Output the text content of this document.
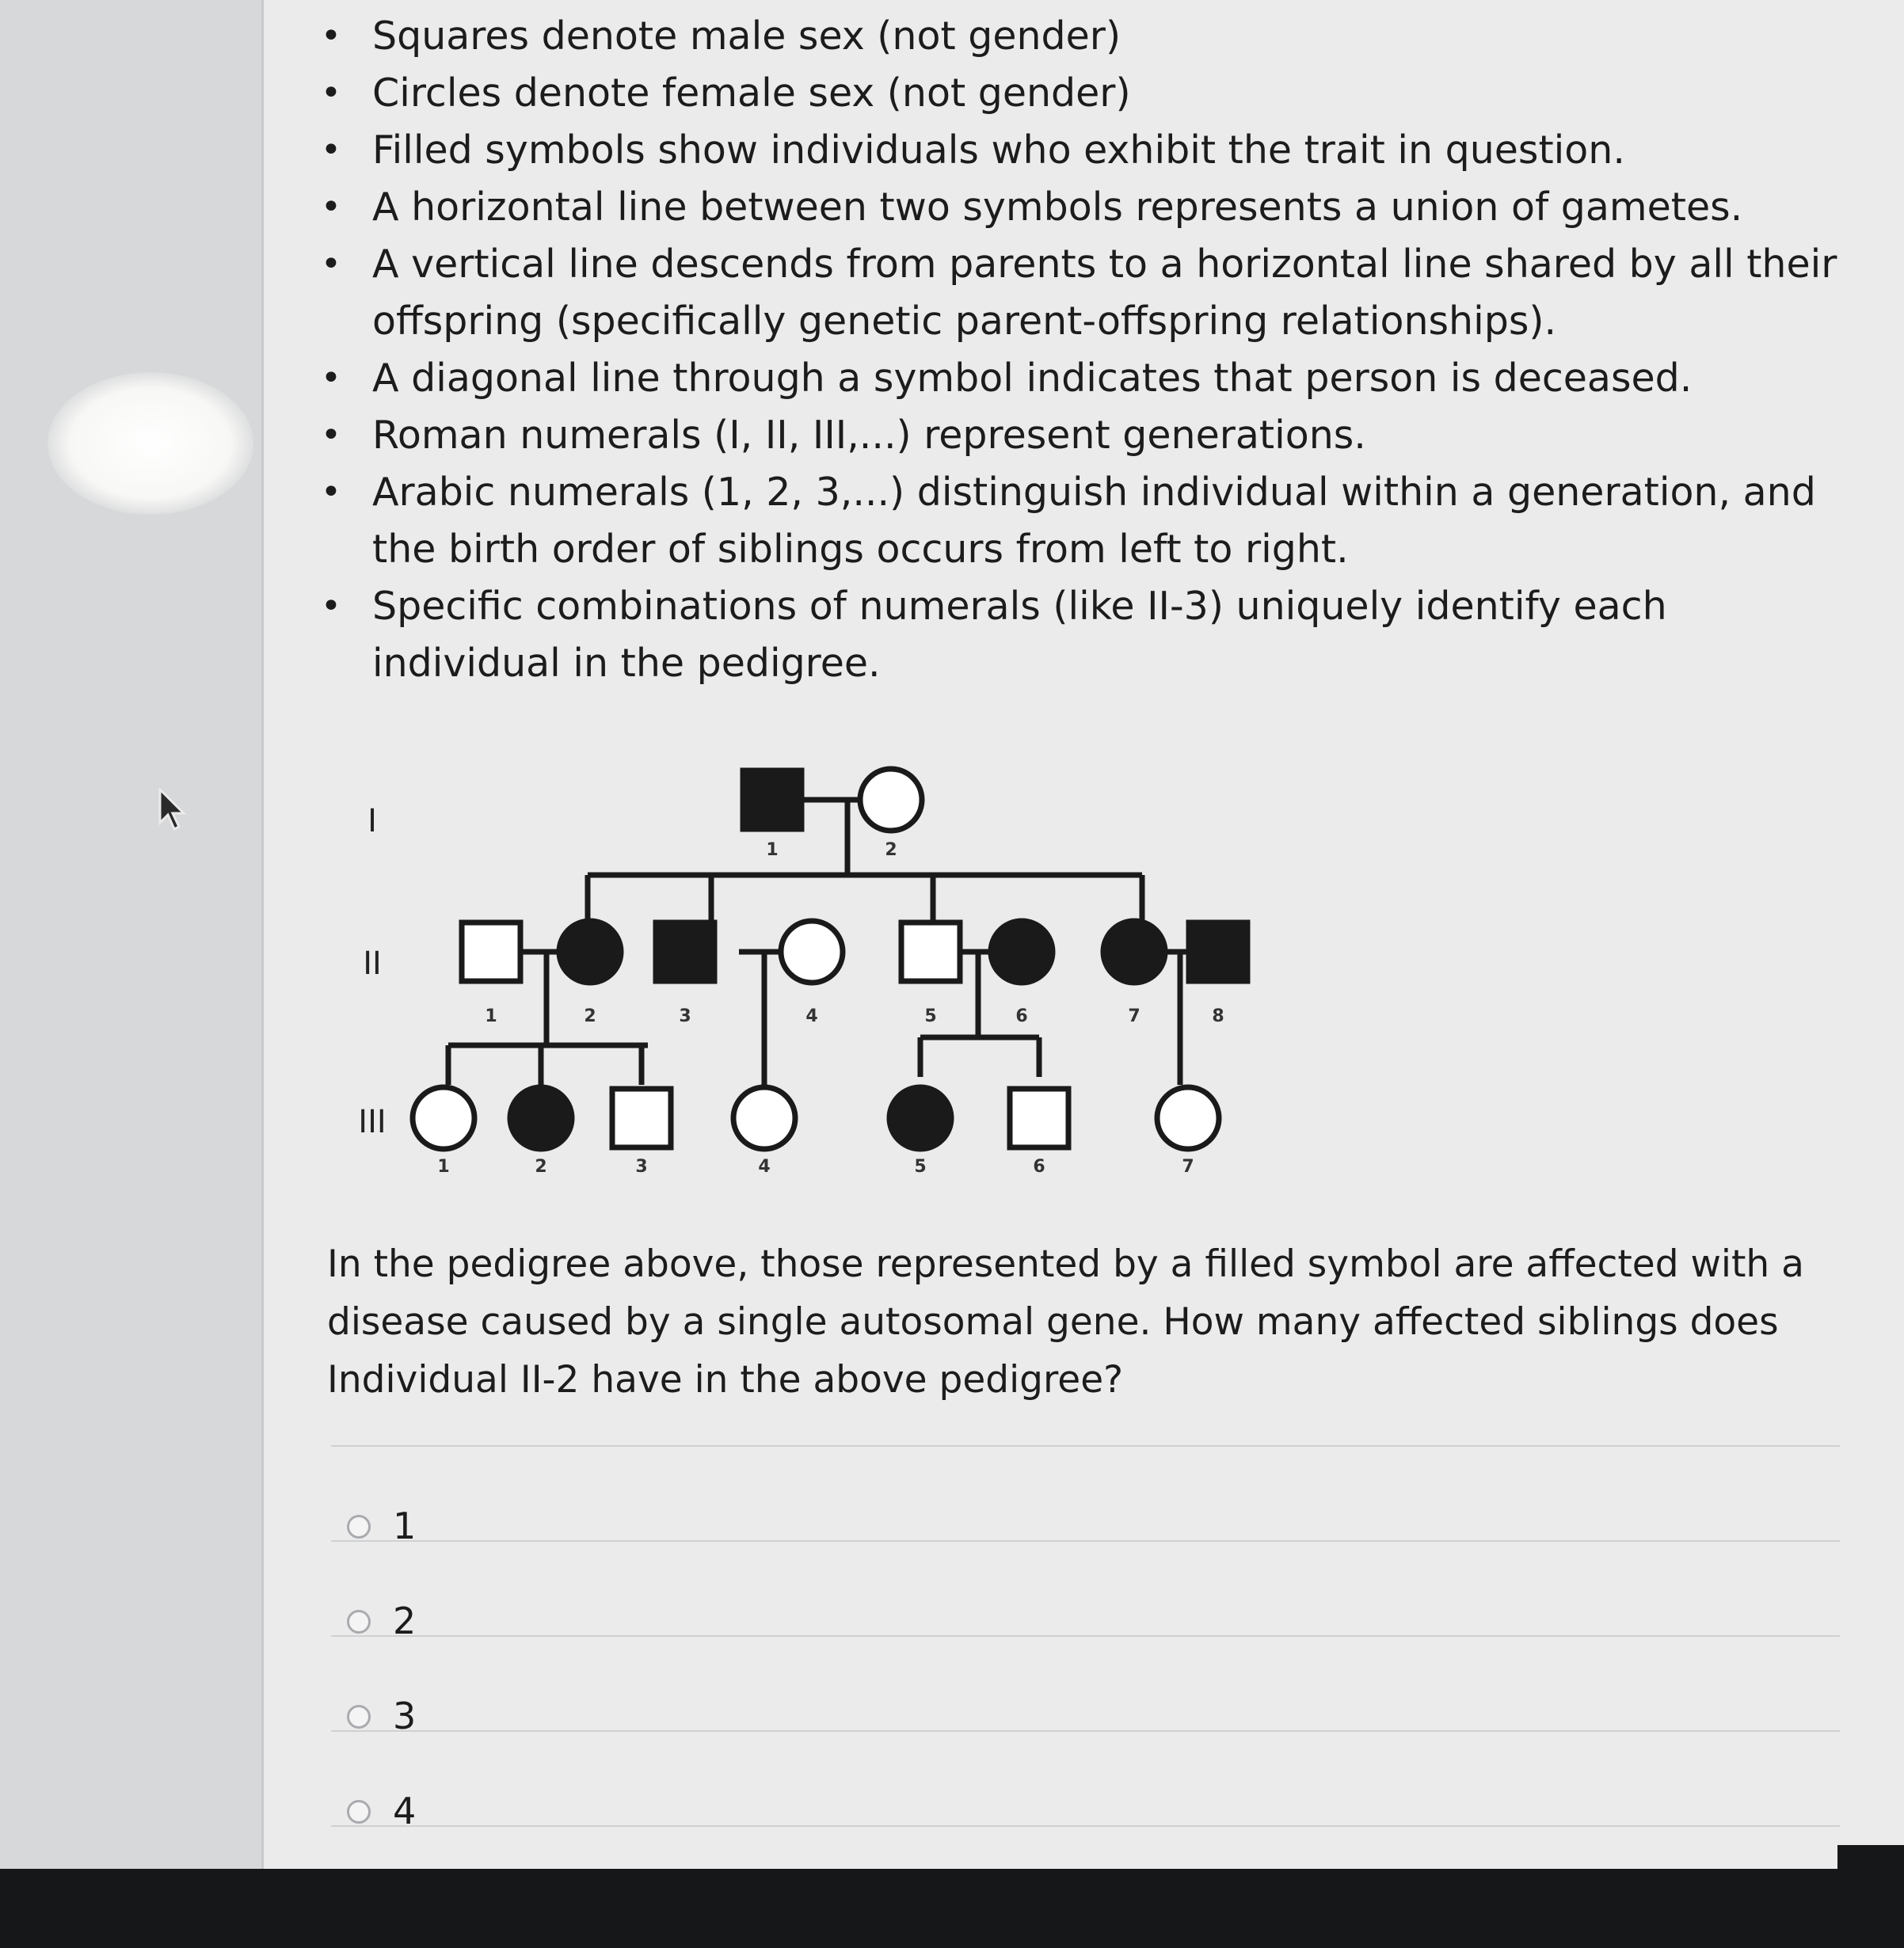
• Squares denote male sex (not gender)
• Circles denote female sex (not gender)
• Filled symbols show individuals who exhibit the trait in question.
• A horizontal line between two symbols represents a union of gametes.
• A vertical line descends from parents to a horizontal line shared by all their offspring (specifically genetic parent-offspring relationships).
• A diagonal line through a symbol indicates that person is deceased.
• Roman numerals (I, II, III,...) represent generations.
• Arabic numerals (1, 2, 3,...) distinguish individual within a generation, and the birth order of siblings occurs from left to right.
• Specific combinations of numerals (like II-3) uniquely identify each individual in the pedigree.
1	2
1	2	3	4	5	6	7	8
1	2	3	4	5	6	7
I
II
III
In the pedigree above, those represented by a filled symbol are affected with a disease caused by a single autosomal gene. How many affected siblings does Individual II-2 have in the above pedigree?
1
2
3
4
